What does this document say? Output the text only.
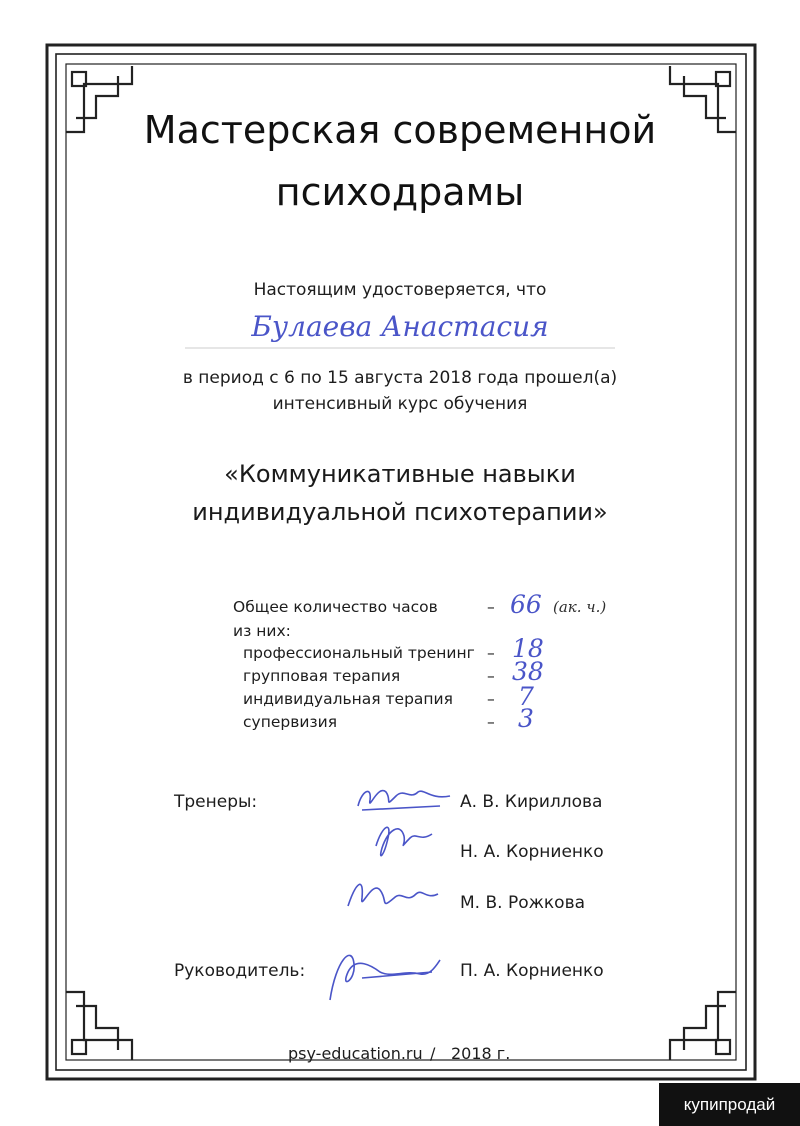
Мастерская современной
психодрамы
Настоящим удостоверяется, что
Булаева Анастасия
в период с 6 по 15 августа 2018 года прошел(а)
интенсивный курс обучения
«Коммуникативные навыки
индивидуальной психотерапии»
Общее количество часов	– 66 (ак. ч.)
из них:
профессиональный тренинг – 18
групповая терапия	– 38
индивидуальная терапия – 7
супервизия	– 3
Тренеры:	А. В. Кириллова
Н. А. Корниенко
М. В. Рожкова
Руководитель:	П. А. Корниенко
psy-education.ru / 2018 г.
купипродай
